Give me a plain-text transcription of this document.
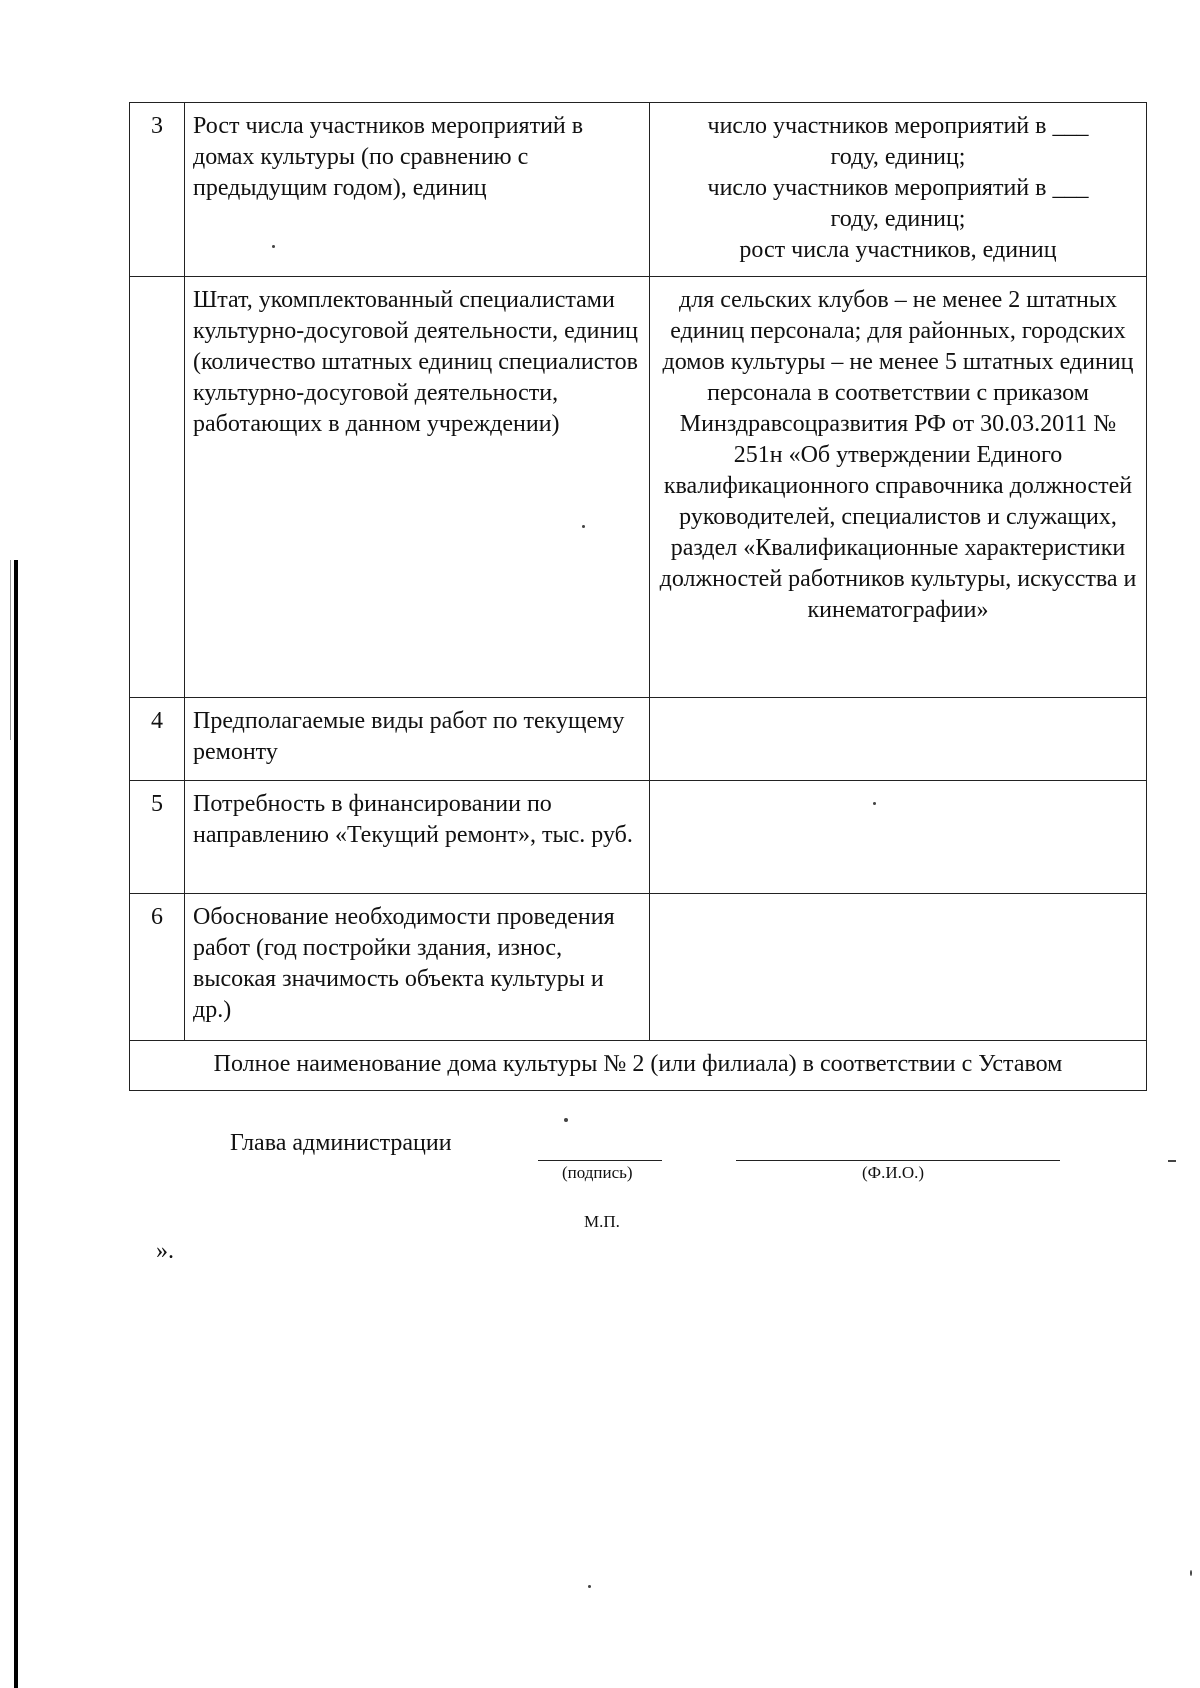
3	Рост числа участников мероприятий в домах культуры (по сравнению с предыдущим годом), единиц	число участников мероприятий в ___
году, единиц;
число участников мероприятий в ___
году, единиц;
рост числа участников, единиц

	Штат, укомплектованный специалистами культурно-досуговой деятельности, единиц (количество штатных единиц специалистов культурно-досуговой деятельности, работающих в данном учреждении)	для сельских клубов – не менее 2 штатных единиц персонала; для районных, городских домов культуры – не менее 5 штатных единиц персонала в соответствии с приказом Минздравсоцразвития РФ от 30.03.2011 № 251н «Об утверждении Единого квалификационного справочника должностей руководителей, специалистов и служащих, раздел «Квалификационные характеристики должностей работников культуры, искусства и кинематографии»
4	Предполагаемые виды работ по текущему ремонту	
5	Потребность в финансировании по направлению «Текущий ремонт», тыс. руб.	
6	Обоснование необходимости проведения работ (год постройки здания, износ, высокая значимость объекта культуры и др.)	
Полное наименование дома культуры № 2 (или филиала) в соответствии с Уставом		
Глава администрации
(подпись)	(Ф.И.О.)
М.П.
».
